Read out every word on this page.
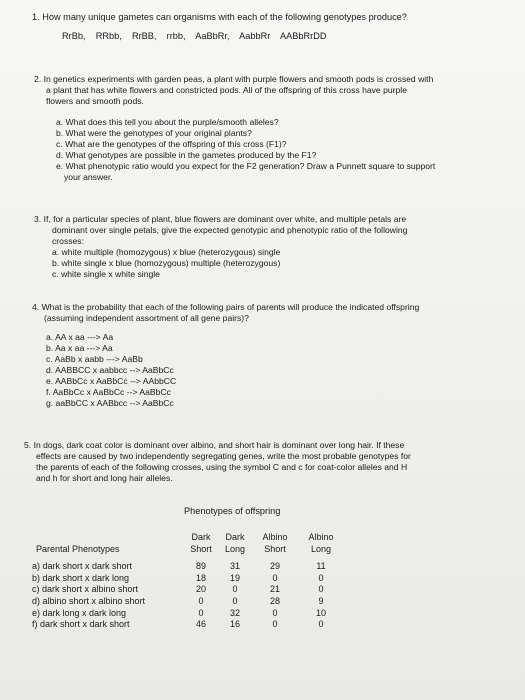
1. How many unique gametes can organisms with each of the following genotypes produce?

RrBb,    RRbb,    RrBB,    rrbb,    AaBbRr,    AabbRr    AABbRrDD

2. In genetics experiments with garden peas, a plant with purple flowers and smooth pods is crossed with

a plant that has white flowers and constricted pods. All of the offspring of this cross have purple

flowers and smooth pods.

a. What does this tell you about the purple/smooth alleles?

b. What were the genotypes of your original plants?

c. What are the genotypes of the offspring of this cross (F1)?

d. What genotypes are possible in the gametes produced by the F1?

e. What phenotypic ratio would you expect for the F2 generation? Draw a Punnett square to support

your answer.

3. If, for a particular species of plant, blue flowers are dominant over white, and multiple petals are

dominant over single petals, give the expected genotypic and phenotypic ratio of the following

crosses:

a. white multiple (homozygous) x blue (heterozygous) single

b. white single x blue (homozygous) multiple (heterozygous)

c. white single x white single

4. What is the probability that each of the following pairs of parents will produce the indicated offspring

(assuming independent assortment of all gene pairs)?

a. AA x aa ---> Aa

b. Aa x aa ---> Aa

c. AaBb x aabb ---> AaBb

d. AABBCC x aabbcc --> AaBbCc

e. AABbCc x AaBbCc --> AAbbCC

f. AaBbCc x AaBbCc --> AaBbCc

g. aaBbCC x AABbcc --> AaBbCc

5. In dogs, dark coat color is dominant over albino, and short hair is dominant over long hair. If these

effects are caused by two independently segregating genes, write the most probable genotypes for

the parents of each of the following crosses, using the symbol C and c for coat-color alleles and H

and h for short and long hair alleles.

Phenotypes of offspring
	Dark	Dark	Albino	Albino
Parental Phenotypes	Short	Long	Short	Long

a) dark short x dark short	89	31	29	11
b) dark short x dark long	18	19	0	0
c) dark short x albino short	20	0	21	0
d) albino short x albino short	0	0	28	9
e) dark long x dark long	0	32	0	10
f) dark short x dark short	46	16	0	0
